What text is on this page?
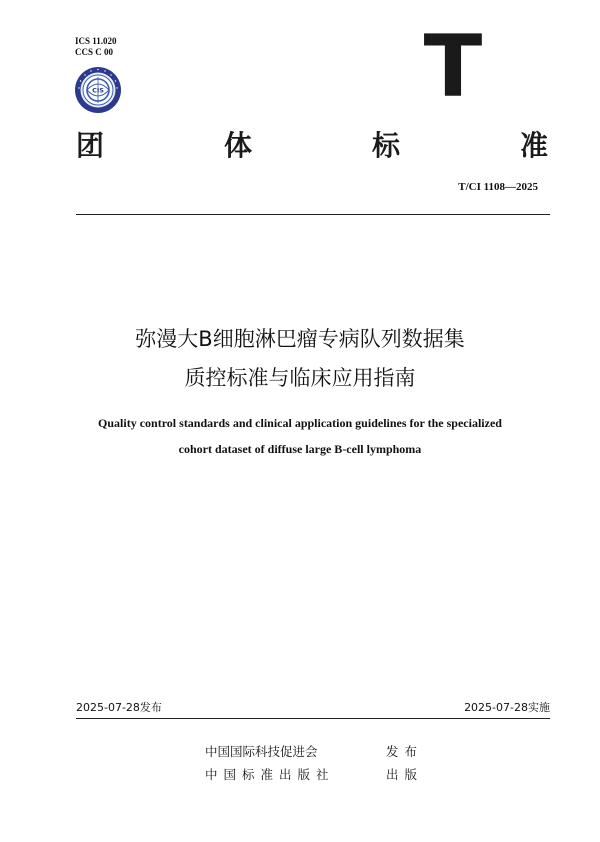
ICS 11.020
CCS C 00
CIS	T
团	体	标	准
T/CI 1108—2025
弥漫大B细胞淋巴瘤专病队列数据集
质控标准与临床应用指南
Quality control standards and clinical application guidelines for the specialized
cohort dataset of diffuse large B-cell lymphoma
2025-07-28发布	2025-07-28实施
中国国际科技促进会	发布
中国标准出版社	出版
